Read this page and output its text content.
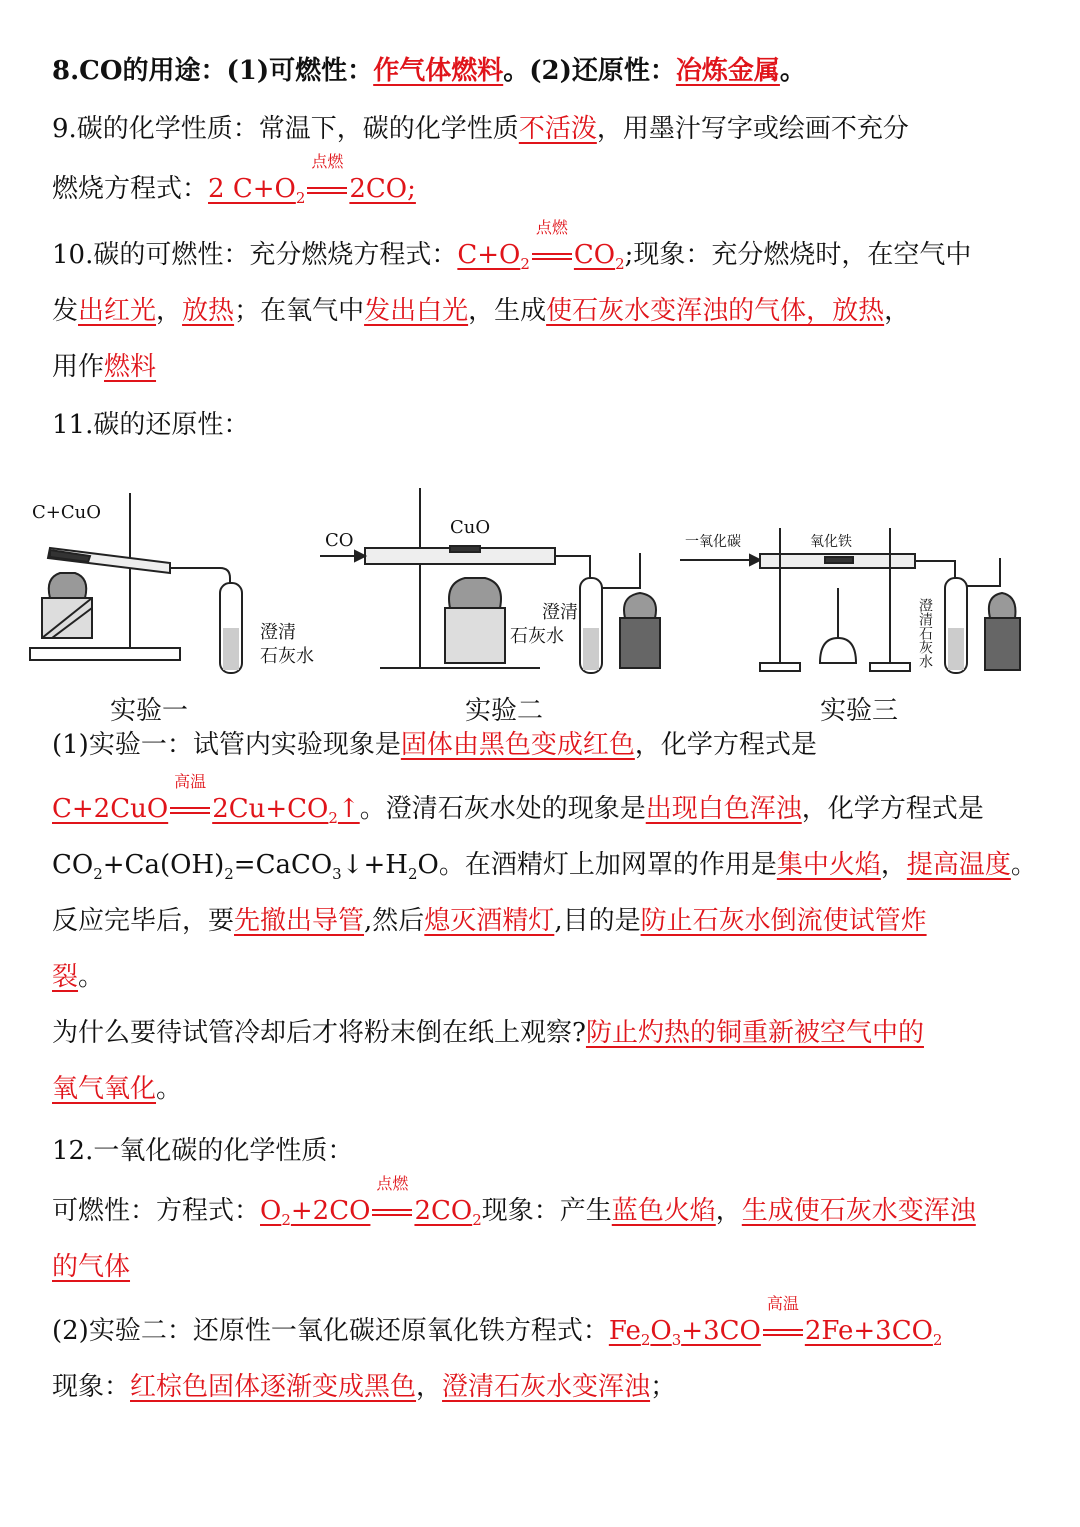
8.CO的用途：(1)可燃性：作气体燃料。(2)还原性：冶炼金属。
9.碳的化学性质：常温下，碳的化学性质不活泼，用墨汁写字或绘画不充分
燃烧方程式：2 $C+O_2$
点燃
2CO;
10.碳的可燃性：充分燃烧方程式：$C+O_2$
点燃
$CO_2$;现象：充分燃烧时，在空气中
发出红光，放热；在氧气中发出白光，生成使石灰水变浑浊的气体，放热，
用作燃料
11.碳的还原性：
C+CuO
澄清
石灰水
CO
CuO
澄清
石灰水
一氧化碳	氧化铁
澄清石灰水
实验一	实验二	实验三
(1)实验一：试管内实验现象是固体由黑色变成红色，化学方程式是
C+2CuO
高温
$2Cu+CO_2↑$。澄清石灰水处的现象是出现白色浑浊，化学方程式是
$CO_2+Ca(OH)_2=CaCO_3↓+H_2O$。在酒精灯上加网罩的作用是集中火焰，提高温度。
反应完毕后，要先撤出导管,然后熄灭酒精灯,目的是防止石灰水倒流使试管炸
裂。
为什么要待试管冷却后才将粉末倒在纸上观察?防止灼热的铜重新被空气中的
氧气氧化。
12.一氧化碳的化学性质：
可燃性：方程式：$O_2+2CO$
点燃
$2CO_2$现象：产生蓝色火焰，生成使石灰水变浑浊
的气体
(2)实验二：还原性一氧化碳还原氧化铁方程式：$Fe_2O_3+3CO$
高温
$2Fe+3CO_2$
现象：红棕色固体逐渐变成黑色，澄清石灰水变浑浊；
